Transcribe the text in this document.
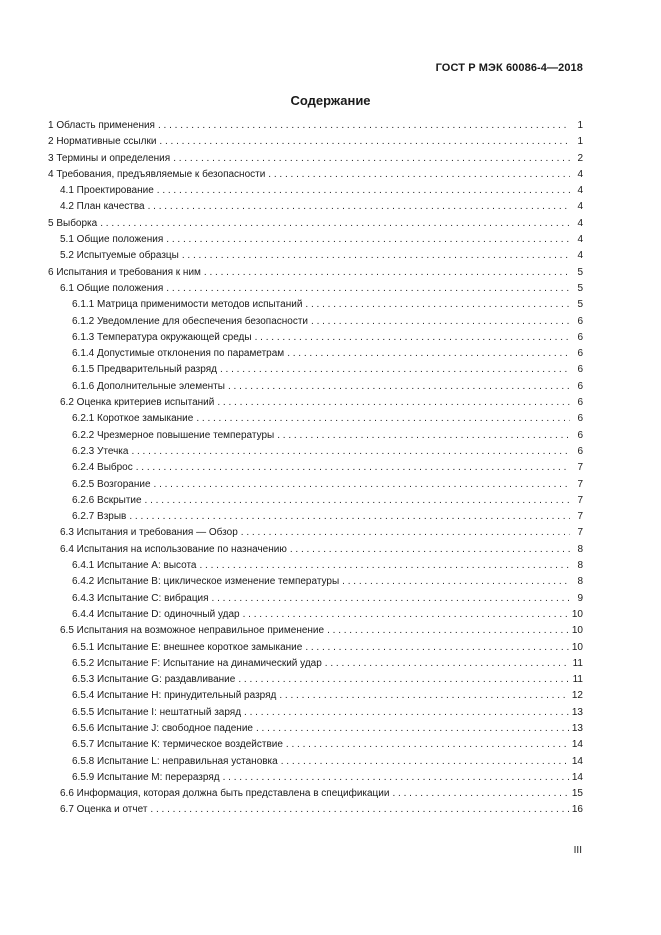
ГОСТ Р МЭК 60086-4—2018
Содержание
1 Область применения . . .	1
2 Нормативные ссылки . . .	1
3 Термины и определения . . .	2
4 Требования, предъявляемые к безопасности . . .	4
4.1 Проектирование . . .	4
4.2 План качества . . .	4
5 Выборка . . .	4
5.1 Общие положения . . .	4
5.2 Испытуемые образцы . . .	4
6 Испытания и требования к ним . . .	5
6.1 Общие положения . . .	5
6.1.1 Матрица применимости методов испытаний . . .	5
6.1.2 Уведомление для обеспечения безопасности . . .	6
6.1.3 Температура окружающей среды . . .	6
6.1.4 Допустимые отклонения по параметрам . . .	6
6.1.5 Предварительный разряд . . .	6
6.1.6 Дополнительные элементы . . .	6
6.2 Оценка критериев испытаний . . .	6
6.2.1 Короткое замыкание . . .	6
6.2.2 Чрезмерное повышение температуры . . .	6
6.2.3 Утечка . . .	6
6.2.4 Выброс . . .	7
6.2.5 Возгорание . . .	7
6.2.6 Вскрытие . . .	7
6.2.7 Взрыв . . .	7
6.3 Испытания и требования — Обзор . . .	7
6.4 Испытания на использование по назначению . . .	8
6.4.1 Испытание А: высота . . .	8
6.4.2 Испытание В: циклическое изменение температуры . . .	8
6.4.3 Испытание С: вибрация . . .	9
6.4.4 Испытание D: одиночный удар . . .	10
6.5 Испытания на возможное неправильное применение . . .	10
6.5.1 Испытание Е: внешнее короткое замыкание . . .	10
6.5.2 Испытание F: Испытание на динамический удар . . .	11
6.5.3 Испытание G: раздавливание . . .	11
6.5.4 Испытание Н: принудительный разряд . . .	12
6.5.5 Испытание I: нештатный заряд . . .	13
6.5.6 Испытание J: свободное падение . . .	13
6.5.7 Испытание К: термическое воздействие . . .	14
6.5.8 Испытание L: неправильная установка . . .	14
6.5.9 Испытание М: переразряд . . .	14
6.6 Информация, которая должна быть представлена в спецификации . . .	15
6.7 Оценка и отчет . . .	16
III
